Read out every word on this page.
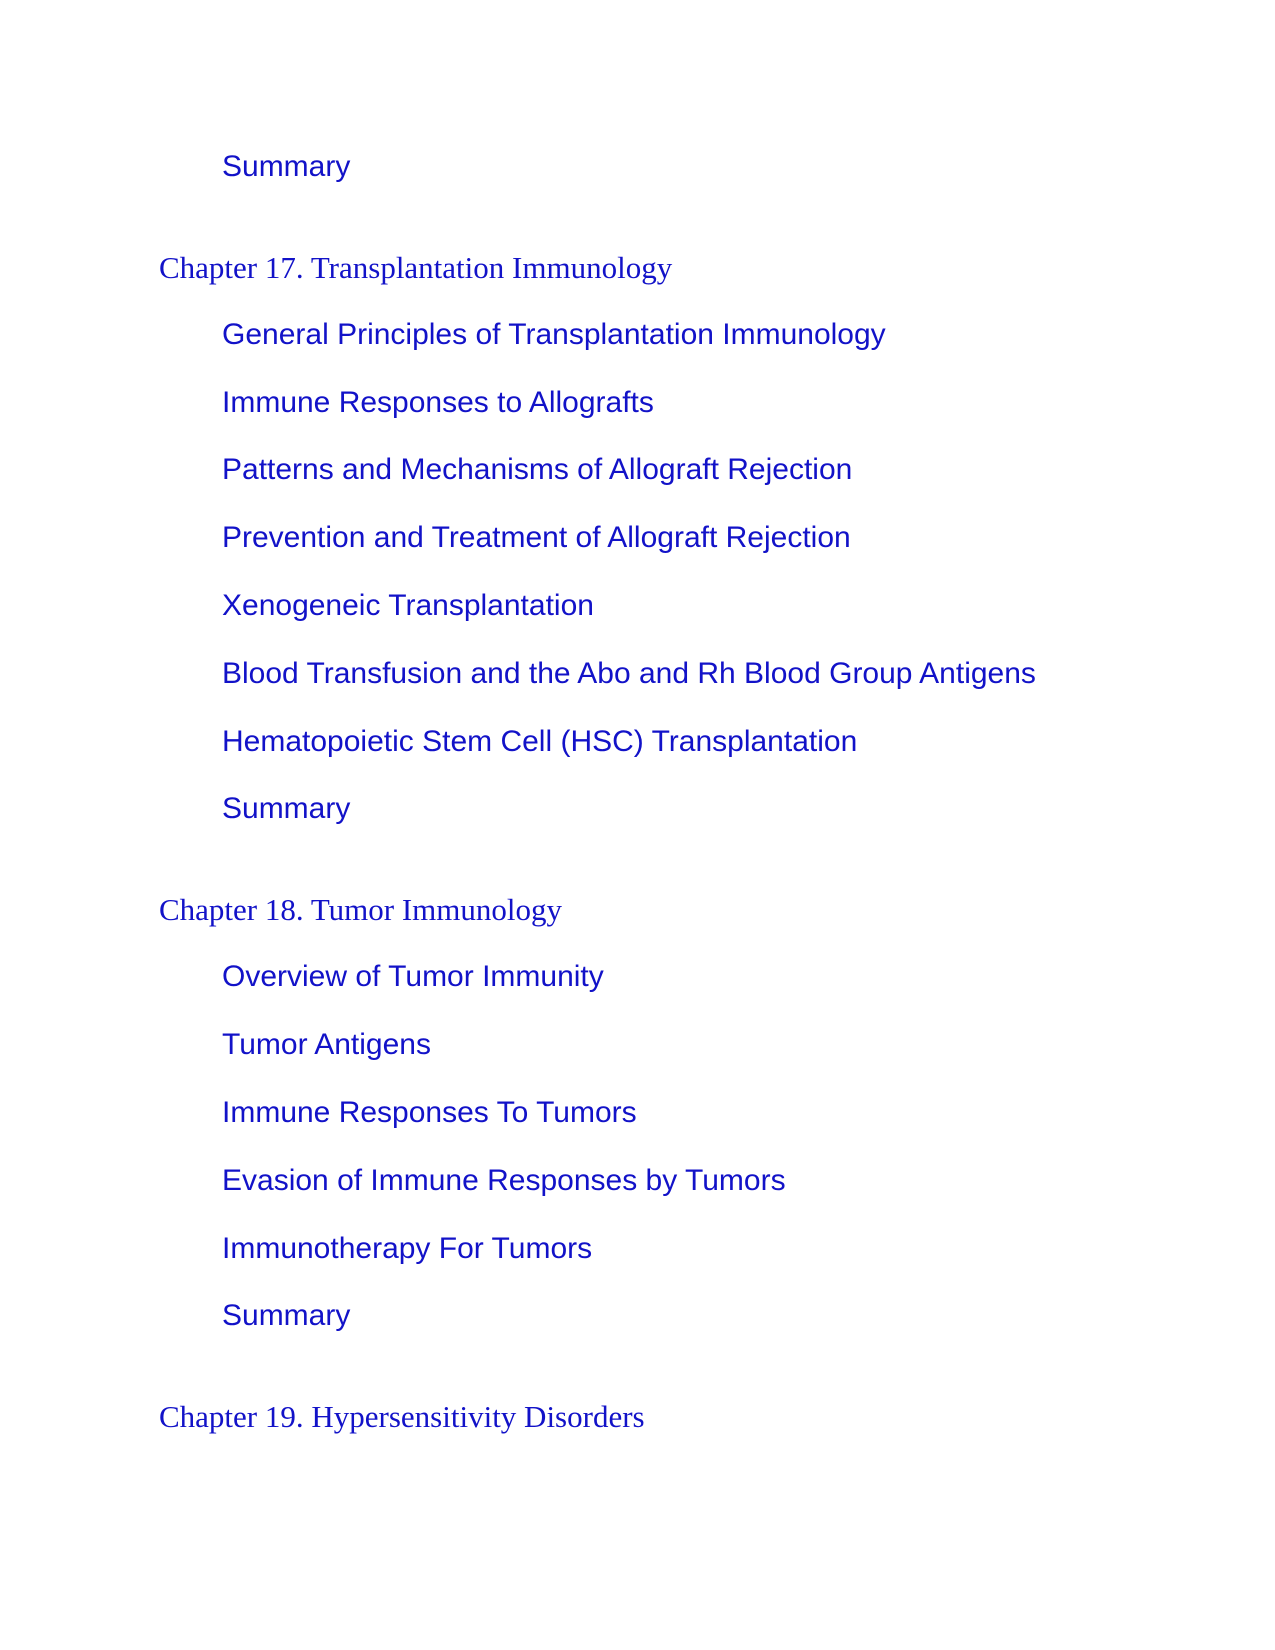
Summary
Chapter 17. Transplantation Immunology
General Principles of Transplantation Immunology
Immune Responses to Allografts
Patterns and Mechanisms of Allograft Rejection
Prevention and Treatment of Allograft Rejection
Xenogeneic Transplantation
Blood Transfusion and the Abo and Rh Blood Group Antigens
Hematopoietic Stem Cell (HSC) Transplantation
Summary
Chapter 18. Tumor Immunology
Overview of Tumor Immunity
Tumor Antigens
Immune Responses To Tumors
Evasion of Immune Responses by Tumors
Immunotherapy For Tumors
Summary
Chapter 19. Hypersensitivity Disorders
